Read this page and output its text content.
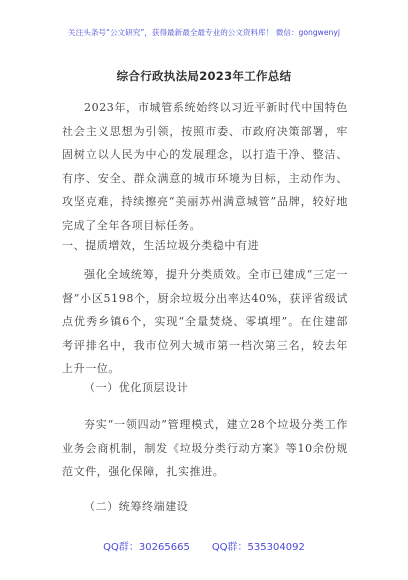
关注头条号“公文研究”，获得最新最全最专业的公文资料库！ 微信：gongwenyj
综合行政执法局2023年工作总结

2023年，市城管系统始终以习近平新时代中国特色社会主义思想为引领，按照市委、市政府决策部署，牢固树立以人民为中心的发展理念，以打造干净、整洁、有序、安全、群众满意的城市环境为目标，主动作为、攻坚克难，持续擦亮“美丽苏州满意城管”品牌，较好地完成了全年各项目标任务。

一、提质增效，生活垃圾分类稳中有进

强化全域统筹，提升分类质效。全市已建成“三定一督”小区5198个，厨余垃圾分出率达40%，获评省级试点优秀乡镇6个，实现“全量焚烧、零填埋”。在住建部考评排名中，我市位列大城市第一档次第三名，较去年上升一位。

（一）优化顶层设计

夯实“一领四动”管理模式，建立28个垃圾分类工作业务会商机制，制发《垃圾分类行动方案》等10余份规范文件，强化保障，扎实推进。

（二）统筹终端建设

QQ群：30265665 QQ群：535304092
